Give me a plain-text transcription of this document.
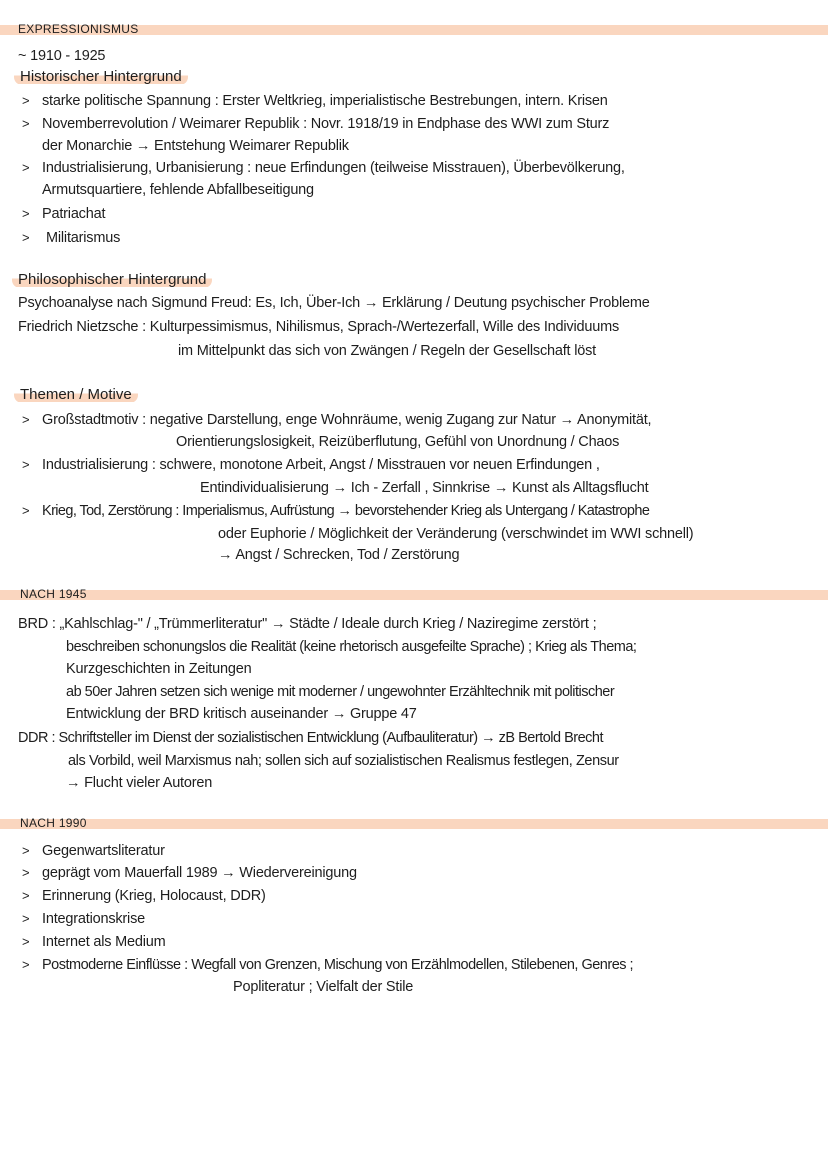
EXPRESSIONISMUS
~ 1910 - 1925
Historischer Hintergrund
> starke politische Spannung : Erster Weltkrieg, imperialistische Bestrebungen, intern. Krisen
> Novemberrevolution / Weimarer Republik : Novr. 1918/19 in Endphase des WWI zum Sturz
der Monarchie → Entstehung Weimarer Republik
> Industrialisierung, Urbanisierung : neue Erfindungen (teilweise Misstrauen), Überbevölkerung,
Armutsquartiere, fehlende Abfallbeseitigung
> Patriachat
> Militarismus
Philosophischer Hintergrund
Psychoanalyse nach Sigmund Freud: Es, Ich, Über-Ich → Erklärung / Deutung psychischer Probleme
Friedrich Nietzsche : Kulturpessimismus, Nihilismus, Sprach-/Wertezerfall, Wille des Individuums
im Mittelpunkt das sich von Zwängen / Regeln der Gesellschaft löst
Themen / Motive
> Großstadtmotiv : negative Darstellung, enge Wohnräume, wenig Zugang zur Natur → Anonymität,
Orientierungslosigkeit, Reizüberflutung, Gefühl von Unordnung / Chaos
> Industrialisierung : schwere, monotone Arbeit, Angst / Misstrauen vor neuen Erfindungen ,
Entindividualisierung → Ich - Zerfall , Sinnkrise → Kunst als Alltagsflucht
> Krieg, Tod, Zerstörung : Imperialismus, Aufrüstung → bevorstehender Krieg als Untergang / Katastrophe
oder Euphorie / Möglichkeit der Veränderung (verschwindet im WWI schnell)
→ Angst / Schrecken, Tod / Zerstörung
NACH 1945
BRD : „Kahlschlag-" / „Trümmerliteratur" → Städte / Ideale durch Krieg / Naziregime zerstört ;
beschreiben schonungslos die Realität (keine rhetorisch ausgefeilte Sprache) ; Krieg als Thema;
Kurzgeschichten in Zeitungen
ab 50er Jahren setzen sich wenige mit moderner / ungewohnter Erzähltechnik mit politischer
Entwicklung der BRD kritisch auseinander → Gruppe 47
DDR : Schriftsteller im Dienst der sozialistischen Entwicklung (Aufbauliteratur) → zB Bertold Brecht
als Vorbild, weil Marxismus nah; sollen sich auf sozialistischen Realismus festlegen, Zensur
→ Flucht vieler Autoren
NACH 1990
> Gegenwartsliteratur
> geprägt vom Mauerfall 1989 → Wiedervereinigung
> Erinnerung (Krieg, Holocaust, DDR)
> Integrationskrise
> Internet als Medium
> Postmoderne Einflüsse : Wegfall von Grenzen, Mischung von Erzählmodellen, Stilebenen, Genres ;
Popliteratur ; Vielfalt der Stile
